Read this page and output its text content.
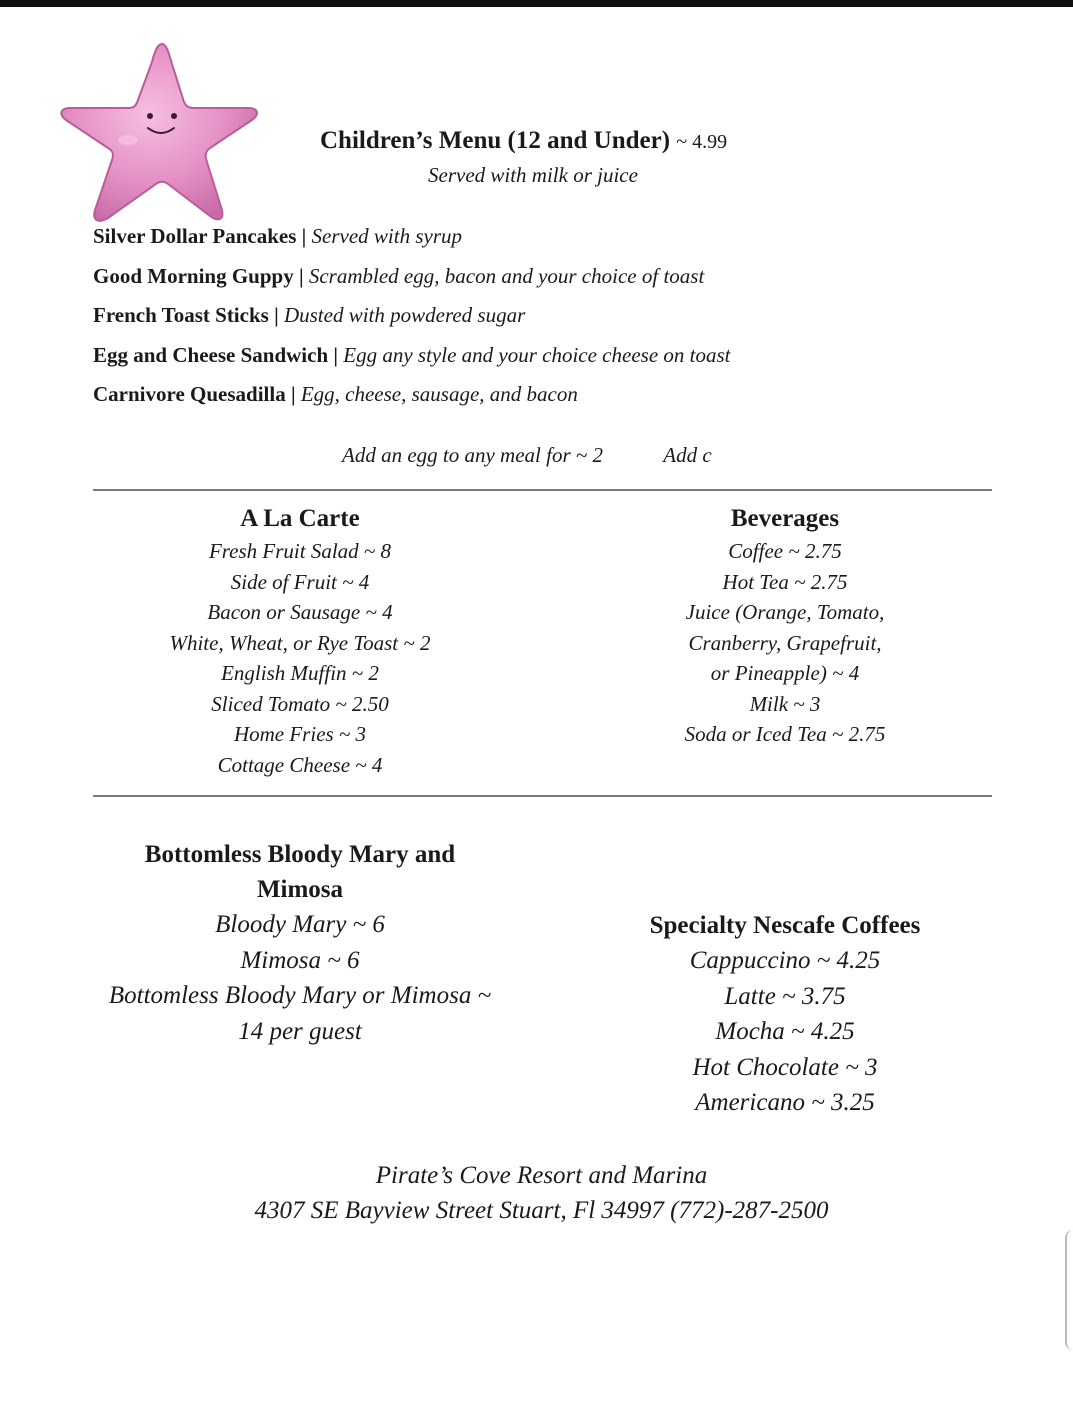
Children’s Menu (12 and Under) ~ 4.99
Served with milk or juice
Silver Dollar Pancakes | Served with syrup
Good Morning Guppy | Scrambled egg, bacon and your choice of toast
French Toast Sticks | Dusted with powdered sugar
Egg and Cheese Sandwich | Egg any style and your choice cheese on toast
Carnivore Quesadilla | Egg, cheese, sausage, and bacon
Add an egg to any meal for ~ 2	Add c
A La Carte
Fresh Fruit Salad ~ 8
Side of Fruit ~ 4
Bacon or Sausage ~ 4
White, Wheat, or Rye Toast ~ 2
English Muffin ~ 2
Sliced Tomato ~ 2.50
Home Fries ~ 3
Cottage Cheese ~ 4
Beverages
Coffee ~ 2.75
Hot Tea ~ 2.75
Juice (Orange, Tomato,
Cranberry, Grapefruit,
or Pineapple) ~ 4
Milk ~ 3
Soda or Iced Tea ~ 2.75
Bottomless Bloody Mary and
Mimosa
Bloody Mary ~ 6
Mimosa ~ 6
Bottomless Bloody Mary or Mimosa ~
14 per guest
Specialty Nescafe Coffees
Cappuccino ~ 4.25
Latte ~ 3.75
Mocha ~ 4.25
Hot Chocolate ~ 3
Americano ~ 3.25
Pirate’s Cove Resort and Marina
4307 SE Bayview Street Stuart, Fl 34997 (772)-287-2500
